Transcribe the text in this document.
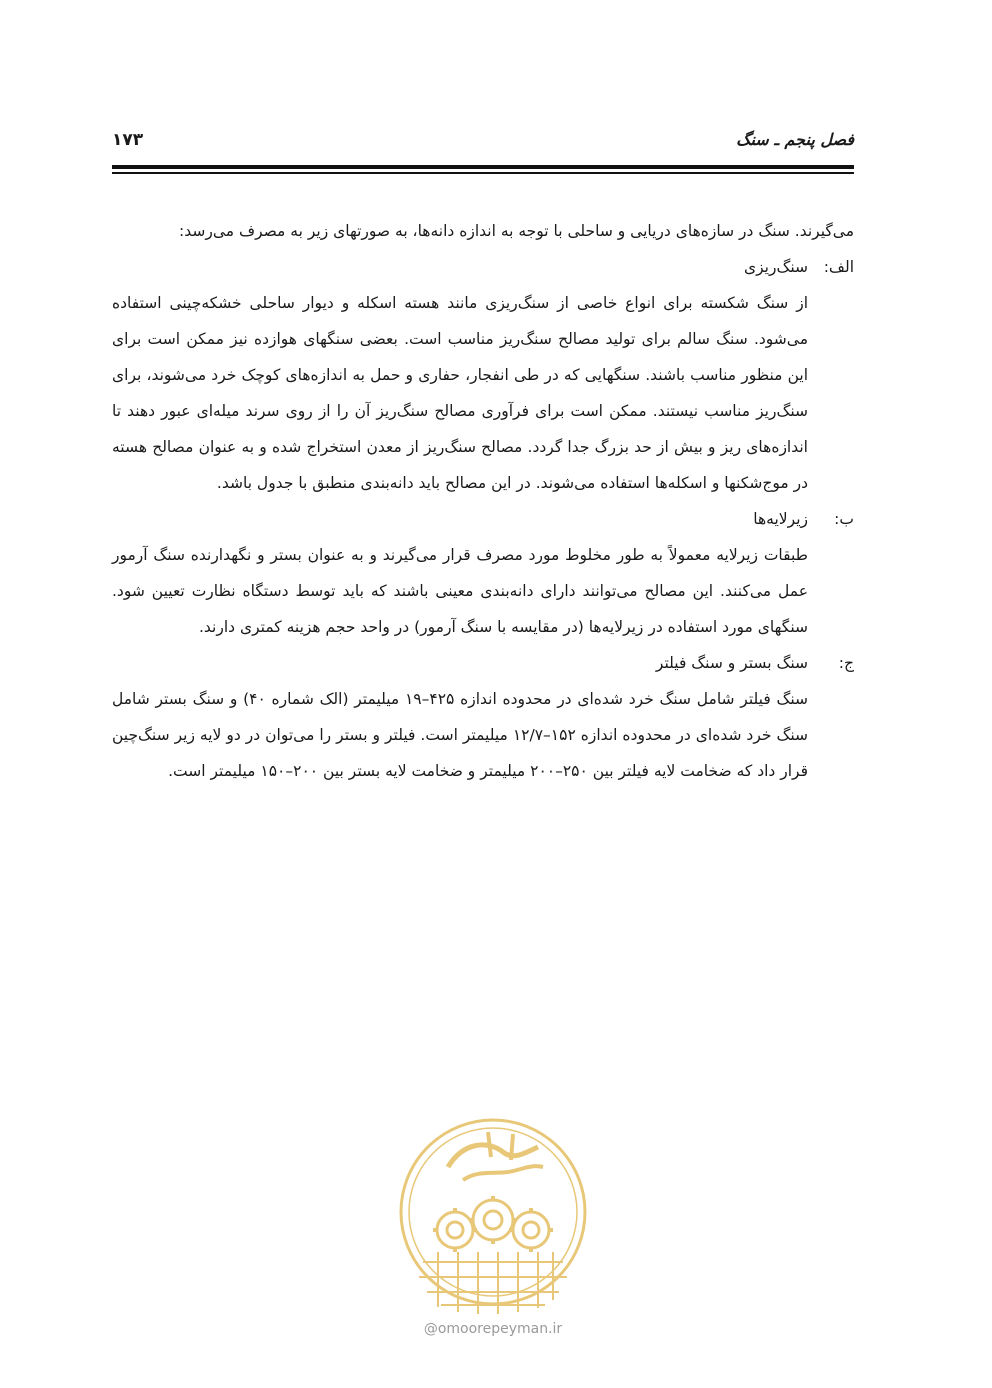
فصل پنجم ـ سنگ
۱۷۳

می‌گیرند. سنگ در سازه‌های دریایی و ساحلی با توجه به اندازه دانه‌ها، به صورتهای زیر به مصرف می‌رسد:

الف:
سنگ‌ریزی

از سنگ شکسته برای انواع خاصی از سنگ‌ریزی مانند هسته اسکله و دیوار ساحلی خشکه‌چینی استفاده می‌شود. سنگ سالم برای تولید مصالح سنگ‌ریز مناسب است. بعضی سنگهای هوازده نیز ممکن است برای این منظور مناسب باشند. سنگهایی که در طی انفجار، حفاری و حمل به اندازه‌های کوچک خرد می‌شوند، برای سنگ‌ریز مناسب نیستند. ممکن است برای فرآوری مصالح سنگ‌ریز آن را از روی سرند میله‌ای عبور دهند تا اندازه‌های ریز و بیش از حد بزرگ جدا گردد. مصالح سنگ‌ریز از معدن استخراج شده و به عنوان مصالح هسته در موج‌شکنها و اسکله‌ها استفاده می‌شوند. در این مصالح باید دانه‌بندی منطبق با جدول باشد.

ب:
زیرلایه‌ها

طبقات زیرلایه معمولاً به طور مخلوط مورد مصرف قرار می‌گیرند و به عنوان بستر و نگهدارنده سنگ آرمور عمل می‌کنند. این مصالح می‌توانند دارای دانه‌بندی معینی باشند که باید توسط دستگاه نظارت تعیین شود. سنگهای مورد استفاده در زیرلایه‌ها (در مقایسه با سنگ آرمور) در واحد حجم هزینه کمتری دارند.

ج:
سنگ بستر و سنگ فیلتر

سنگ فیلتر شامل سنگ خرد شده‌ای در محدوده اندازه ۴۲۵–۱۹ میلیمتر (الک شماره ۴۰) و سنگ بستر شامل سنگ خرد شده‌ای در محدوده اندازه ۱۵۲–۱۲/۷ میلیمتر است. فیلتر و بستر را می‌توان در دو لایه زیر سنگ‌چین قرار داد که ضخامت لایه فیلتر بین ۲۵۰–۲۰۰ میلیمتر و ضخامت لایه بستر بین ۲۰۰–۱۵۰ میلیمتر است.

@omoorepeyman.ir
